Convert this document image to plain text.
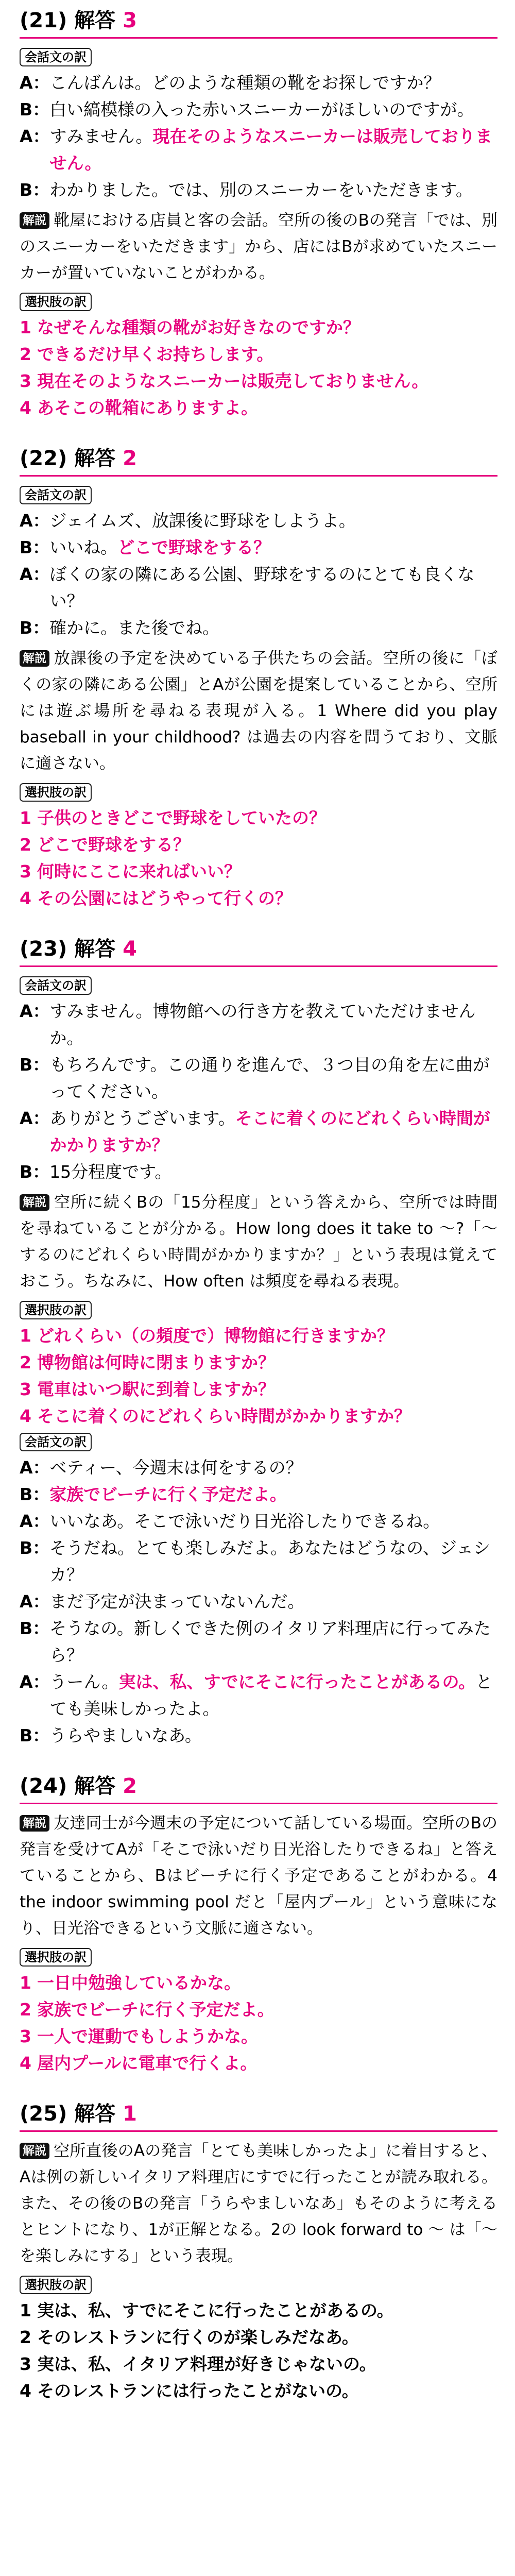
(21) 解答 3
会話文の訳
A： こんばんは。どのような種類の靴をお探しですか？
B： 白い縞模様の入った赤いスニーカーがほしいのですが。
A： すみません。現在そのようなスニーカーは販売しておりません。
B： わかりました。では、別のスニーカーをいただきます。
解説 靴屋における店員と客の会話。空所の後のBの発言「では、別のスニーカーをいただきます」から、店にはBが求めていたスニーカーが置いていないことがわかる。
選択肢の訳
1 なぜそんな種類の靴がお好きなのですか？
2 できるだけ早くお持ちします。
3 現在そのようなスニーカーは販売しておりません。
4 あそこの靴箱にありますよ。
(22) 解答 2
会話文の訳
A： ジェイムズ、放課後に野球をしようよ。
B： いいね。どこで野球をする？
A： ぼくの家の隣にある公園、野球をするのにとても良くない？
B： 確かに。また後でね。
解説 放課後の予定を決めている子供たちの会話。空所の後に「ぼくの家の隣にある公園」とAが公園を提案していることから、空所には遊ぶ場所を尋ねる表現が入る。1 Where did you play baseball in your childhood? は過去の内容を問うており、文脈に適さない。
選択肢の訳
1 子供のときどこで野球をしていたの？
2 どこで野球をする？
3 何時にここに来ればいい？
4 その公園にはどうやって行くの？
(23) 解答 4
会話文の訳
A： すみません。博物館への行き方を教えていただけませんか。
B： もちろんです。この通りを進んで、３つ目の角を左に曲がってください。
A： ありがとうございます。そこに着くのにどれくらい時間がかかりますか？
B： 15分程度です。
解説 空所に続くBの「15分程度」という答えから、空所では時間を尋ねていることが分かる。How long does it take to ～?「～するのにどれくらい時間がかかりますか？」という表現は覚えておこう。ちなみに、How often は頻度を尋ねる表現。
選択肢の訳
1 どれくらい（の頻度で）博物館に行きますか？
2 博物館は何時に閉まりますか？
3 電車はいつ駅に到着しますか？
4 そこに着くのにどれくらい時間がかかりますか？
会話文の訳
A： ベティー、今週末は何をするの？
B： 家族でビーチに行く予定だよ。
A： いいなあ。そこで泳いだり日光浴したりできるね。
B： そうだね。とても楽しみだよ。あなたはどうなの、ジェシカ？
A： まだ予定が決まっていないんだ。
B： そうなの。新しくできた例のイタリア料理店に行ってみたら？
A： うーん。実は、私、すでにそこに行ったことがあるの。とても美味しかったよ。
B： うらやましいなあ。
(24) 解答 2
解説 友達同士が今週末の予定について話している場面。空所のBの発言を受けてAが「そこで泳いだり日光浴したりできるね」と答えていることから、Bはビーチに行く予定であることがわかる。4 the indoor swimming pool だと「屋内プール」という意味になり、日光浴できるという文脈に適さない。
選択肢の訳
1 一日中勉強しているかな。
2 家族でビーチに行く予定だよ。
3 一人で運動でもしようかな。
4 屋内プールに電車で行くよ。
(25) 解答 1
解説 空所直後のAの発言「とても美味しかったよ」に着目すると、Aは例の新しいイタリア料理店にすでに行ったことが読み取れる。また、その後のBの発言「うらやましいなあ」もそのように考えるとヒントになり、1が正解となる。2の look forward to ～ は「～を楽しみにする」という表現。
選択肢の訳
1 実は、私、すでにそこに行ったことがあるの。
2 そのレストランに行くのが楽しみだなあ。
3 実は、私、イタリア料理が好きじゃないの。
4 そのレストランには行ったことがないの。
